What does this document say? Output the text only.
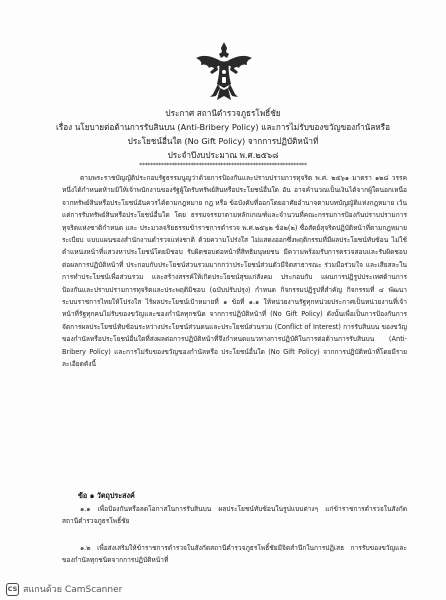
ประกาศ สถานีตำรวจภูธรโพธิ์ชัย
เรื่อง นโยบายต่อต้านการรับสินบน (Anti-Bribery Policy) และการไม่รับของขวัญของกำนัลหรือ
ประโยชน์อื่นใด (No Gift Policy) จากการปฏิบัติหน้าที่
ประจำปีงบประมาณ พ.ศ.๒๕๖๘
**************************************************************

ตามพระราชบัญญัติประกอบรัฐธรรมนูญว่าด้วยการป้องกันและปราบปรามการทุจริต พ.ศ. ๒๕๖๑ มาตรา ๑๒๘ วรรคหนึ่งได้กำหนดห้ามมิให้เจ้าพนักงานของรัฐผู้ใดรับทรัพย์สินหรือประโยชน์อื่นใด อัน อาจคำนวณเป็นเงินได้จากผู้ใดนอกเหนือจากทรัพย์สินหรือประโยชน์อันควรได้ตามกฎหมาย กฎ หรือ ข้อบังคับที่ออกโดยอาศัยอำนาจตามบทบัญญัติแห่งกฎหมาย เว้นแต่การรับทรัพย์สินหรือประโยชน์อื่นใด โดย ธรรมจรรยาตามหลักเกณฑ์และจำนวนที่คณะกรรมการป้องกันปราบปรามการทุจริตแห่งชาติกำหนด และ ประมวลจริยธรรมข้าราชการตำรวจ พ.ศ.๒๕๖๒ ข้อ๒(๒) ซื่อสัตย์สุจริตปฏิบัติหน้าที่ตามกฎหมาย ระเบียบ แบบแผนของสำนักงานตำรวจแห่งชาติ ด้วยความโปร่งใส ไม่แสดงออกซึ่งพฤติกรรมที่มีผลประโยชน์ทับซ้อน ไม่ใช้ตำแหน่งหน้าที่แสวงหาประโยชน์โดยมิชอบ รับผิดชอบต่อหน้าที่สิทธิมนุษยชน มีความพร้อมรับการตรวจสอบและรับผิดชอบต่อผลการปฏิบัติหน้าที่ ประกอบกับประโยชน์ส่วนรวมมากกว่าประโยชน์ส่วนตัวมีจิตสาธารณะ ร่วมมือร่วมใจ และเสียสละในการทำประโยชน์เพื่อส่วนรวม และสร้างสรรค์ให้เกิดประโยชน์สุขแก่สังคม ประกอบกับ แผนการปฏิรูปประเทศด้านการป้องกันและปราบปรามการทุจริตและประพฤติมิชอบ (ฉบับปรับปรุง) กำหนด กิจกรรมปฏิรูปที่สำคัญ กิจกรรมที่ ๔ พัฒนาระบบราชการไทยให้โปร่งใส ไร้ผลประโยชน์เป้าหมายที่ ๑ ข้อที่ ๑.๑ ให้หน่วยงานรัฐทุกหน่วยประกาศเป็นหน่วยงานที่เจ้าหน้าที่รัฐทุกคนไม่รับของขวัญและของกำนัลทุกชนิด จากการปฏิบัติหน้าที่ (No Gift Policy) ดังนั้นเพื่อเป็นการป้องกันการจัดการผลประโยชน์ทับซ้อนระหว่างประโยชน์ส่วนตนและประโยชน์ส่วนรวม (Conflict of Interest) การรับสินบน ของขวัญของกำนัลหรือประโยชน์อื่นใดที่ส่งผลต่อการปฏิบัติหน้าที่จึงกำหนดแนวทางการปฏิบัติในการต่อต้านการรับสินบน (Anti-Bribery Policy) และการไม่รับของขวัญของกำนัลหรือ ประโยชน์อื่นใด (No Gift Policy) จากการปฏิบัติหน้าที่โดยมีรายละเอียดดังนี้

ข้อ ๑ วัตถุประสงค์

๑.๑ เพื่อป้องกันหรือลดโอกาสในการรับสินบน ผลประโยชน์ทับซ้อนในรูปแบบต่างๆ แก่ข้าราชการตำรวจในสังกัดสถานีตำรวจภูธรโพธิ์ชัย

๑.๒ เพื่อส่งเสริมให้ข้าราชการตำรวจในสังกัดสถานีตำรวจภูธรโพธิ์ชัยมีจิตสำนึกในการปฏิเสธ การรับของขวัญและของกำนัลทุกชนิดจากการปฏิบัติหน้าที่

CS สแกนด้วย CamScanner
